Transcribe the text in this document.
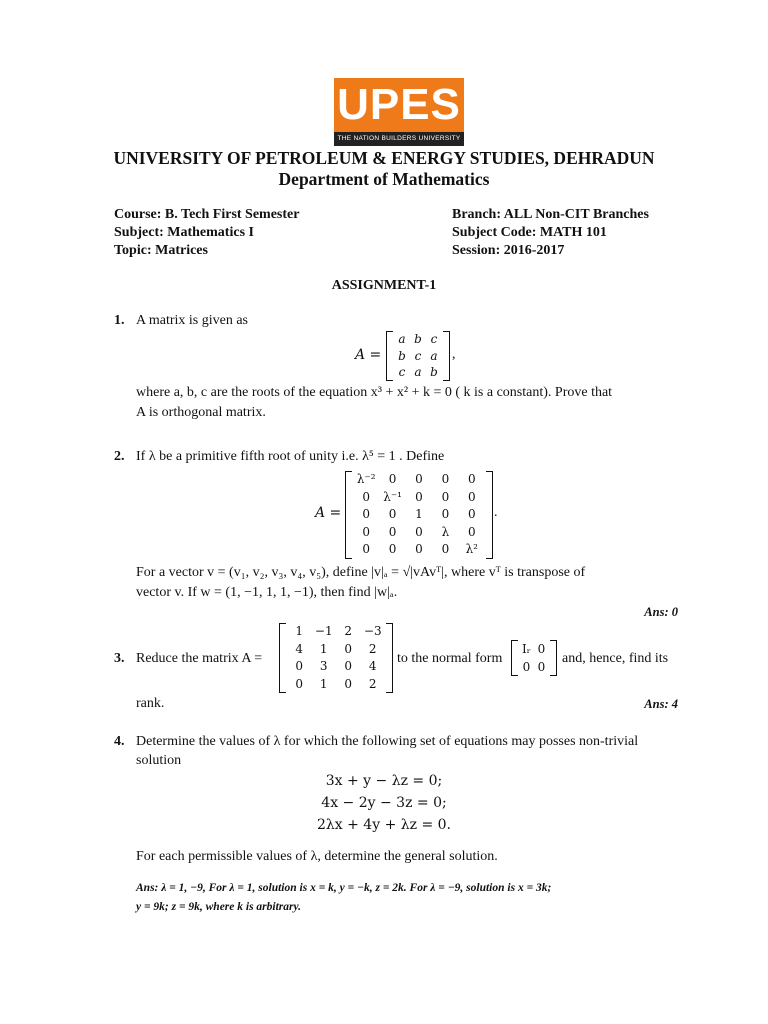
UPES
THE NATION BUILDERS UNIVERSITY
UNIVERSITY OF PETROLEUM & ENERGY STUDIES, DEHRADUN
Department of Mathematics
Course: B. Tech First Semester
Subject: Mathematics I
Topic: Matrices
Branch: ALL Non-CIT Branches
Subject Code: MATH 101
Session: 2016-2017
ASSIGNMENT-1
1. A matrix is given as
A =
a b c
b c a
c a b
,
where a, b, c are the roots of the equation x³ + x² + k = 0 ( k is a constant). Prove that
A is orthogonal matrix.
2. If λ be a primitive fifth root of unity i.e. λ⁵ = 1 . Define
A =
λ⁻²	0	0	0	0
0	λ⁻¹	0	0	0
0	0	1	0	0
0	0	0	λ	0
0	0	0	0	λ²
.
For a vector v = (v₁, v₂, v₃, v₄, v₅), define |v|ₐ = √|vAvᵀ|, where vᵀ is transpose of
vector v. If w = (1, −1, 1, 1, −1), then find |w|ₐ.
Ans: 0
3. Reduce the matrix A =
1 −1 2 −3
4	1	0	2
0	3	0	4
0	1	0	2
to the normal form
Iᵣ 0
0 0
and, hence, find its
rank.	Ans: 4
4. Determine the values of λ for which the following set of equations may posses non-trivial
solution
3x + y − λz = 0;
4x − 2y − 3z = 0;
2λx + 4y + λz = 0.
For each permissible values of λ, determine the general solution.
Ans: λ = 1, −9, For λ = 1, solution is x = k, y = −k, z = 2k. For λ = −9, solution is x = 3k;
y = 9k; z = 9k, where k is arbitrary.
